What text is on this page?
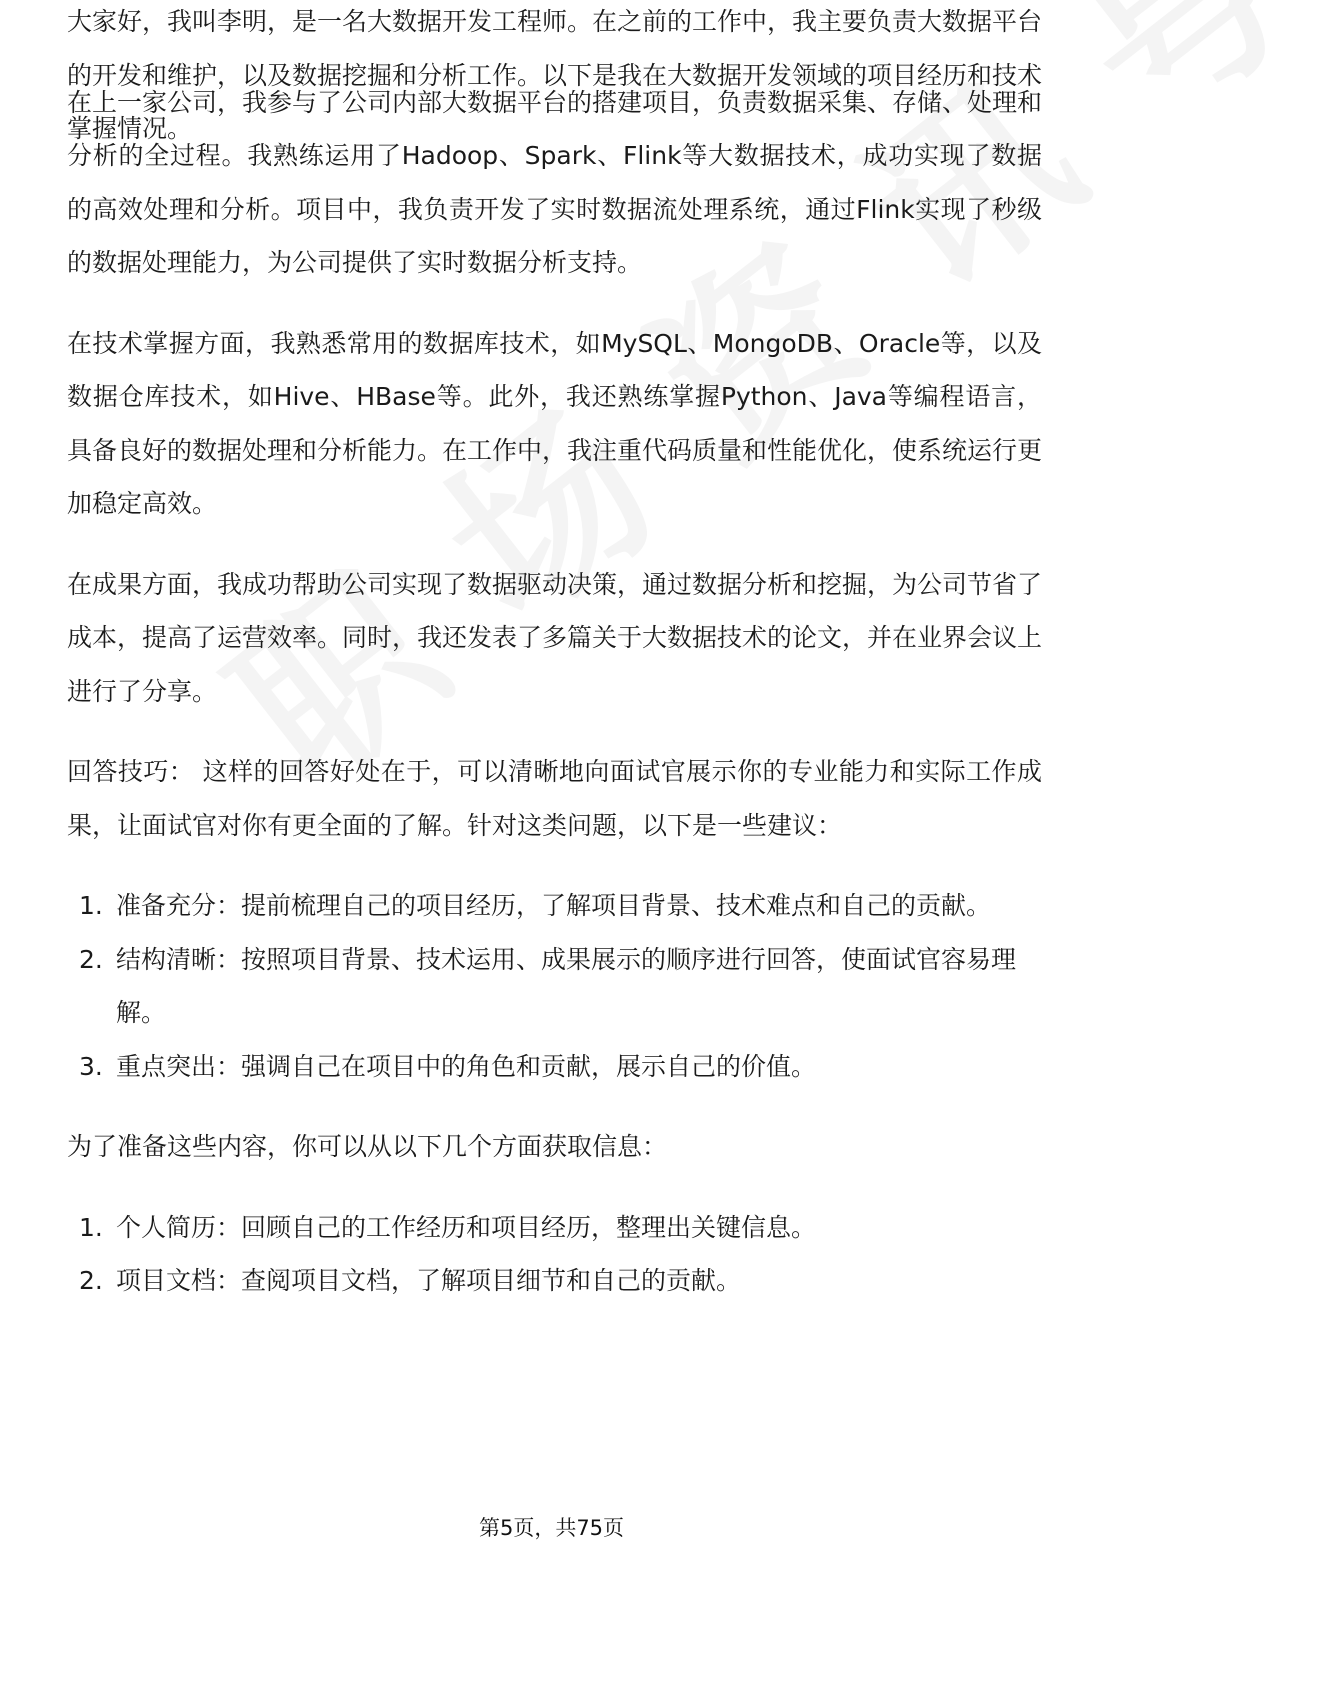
大家好，我叫李明，是一名大数据开发工程师。在之前的工作中，我主要负责大数据平台的开发和维护，以及数据挖掘和分析工作。以下是我在大数据开发领域的项目经历和技术掌握情况。

在上一家公司，我参与了公司内部大数据平台的搭建项目，负责数据采集、存储、处理和分析的全过程。我熟练运用了Hadoop、Spark、Flink等大数据技术，成功实现了数据的高效处理和分析。项目中，我负责开发了实时数据流处理系统，通过Flink实现了秒级的数据处理能力，为公司提供了实时数据分析支持。

在技术掌握方面，我熟悉常用的数据库技术，如MySQL、MongoDB、Oracle等，以及数据仓库技术，如Hive、HBase等。此外，我还熟练掌握Python、Java等编程语言，具备良好的数据处理和分析能力。在工作中，我注重代码质量和性能优化，使系统运行更加稳定高效。

在成果方面，我成功帮助公司实现了数据驱动决策，通过数据分析和挖掘，为公司节省了成本，提高了运营效率。同时，我还发表了多篇关于大数据技术的论文，并在业界会议上进行了分享。

回答技巧： 这样的回答好处在于，可以清晰地向面试官展示你的专业能力和实际工作成果，让面试官对你有更全面的了解。针对这类问题，以下是一些建议：

1. 准备充分：提前梳理自己的项目经历，了解项目背景、技术难点和自己的贡献。
2. 结构清晰：按照项目背景、技术运用、成果展示的顺序进行回答，使面试官容易理解。
3. 重点突出：强调自己在项目中的角色和贡献，展示自己的价值。

为了准备这些内容，你可以从以下几个方面获取信息：

1. 个人简历：回顾自己的工作经历和项目经历，整理出关键信息。
2. 项目文档：查阅项目文档，了解项目细节和自己的贡献。
第5页，共75页
